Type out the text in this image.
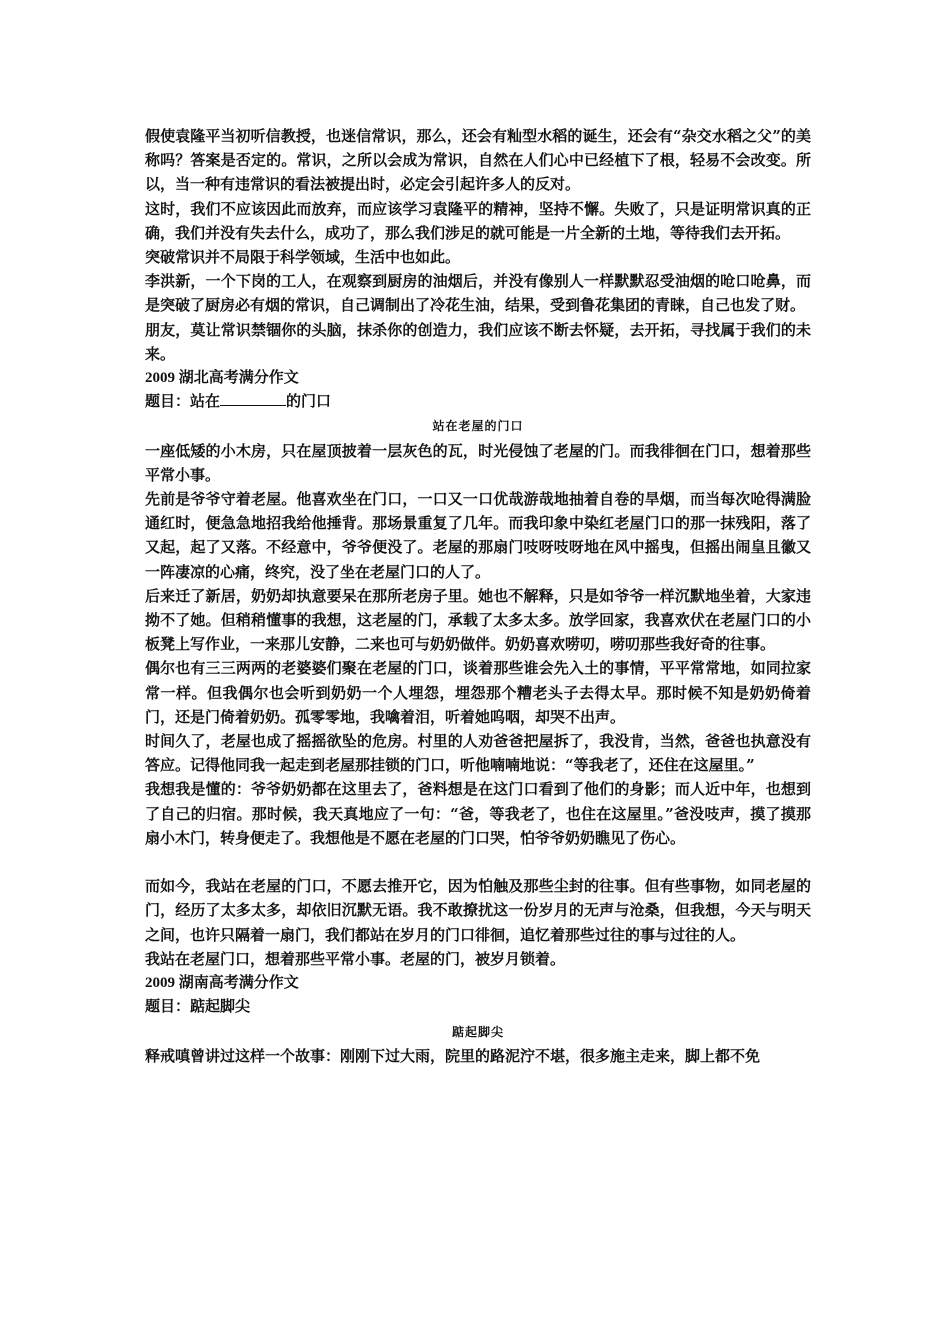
假使袁隆平当初听信教授，也迷信常识，那么，还会有籼型水稻的诞生，还会有“杂交水稻之父”的美称吗？答案是否定的。常识，之所以会成为常识，自然在人们心中已经植下了根，轻易不会改变。所以，当一种有违常识的看法被提出时，必定会引起许多人的反对。

这时，我们不应该因此而放弃，而应该学习袁隆平的精神，坚持不懈。失败了，只是证明常识真的正确，我们并没有失去什么，成功了，那么我们涉足的就可能是一片全新的土地，等待我们去开拓。

突破常识并不局限于科学领域，生活中也如此。

李洪新，一个下岗的工人，在观察到厨房的油烟后，并没有像别人一样默默忍受油烟的呛口呛鼻，而是突破了厨房必有烟的常识，自己调制出了冷花生油，结果，受到鲁花集团的青睐，自己也发了财。

朋友，莫让常识禁锢你的头脑，抹杀你的创造力，我们应该不断去怀疑，去开拓，寻找属于我们的未来。

2009 湖北高考满分作文

题目：站在	的门口

站在老屋的门口

一座低矮的小木房，只在屋顶披着一层灰色的瓦，时光侵蚀了老屋的门。而我徘徊在门口，想着那些平常小事。

先前是爷爷守着老屋。他喜欢坐在门口，一口又一口优哉游哉地抽着自卷的旱烟，而当每次呛得满脸通红时，便急急地招我给他捶背。那场景重复了几年。而我印象中染红老屋门口的那一抹残阳，落了又起，起了又落。不经意中，爷爷便没了。老屋的那扇门吱呀吱呀地在风中摇曳，但摇出闹皇且徽又一阵凄凉的心痛，终究，没了坐在老屋门口的人了。

后来迁了新居，奶奶却执意要呆在那所老房子里。她也不解释，只是如爷爷一样沉默地坐着，大家违拗不了她。但稍稍懂事的我想，这老屋的门，承载了太多太多。放学回家，我喜欢伏在老屋门口的小板凳上写作业，一来那儿安静，二来也可与奶奶做伴。奶奶喜欢唠叨，唠叨那些我好奇的往事。

偶尔也有三三两两的老婆婆们聚在老屋的门口，谈着那些谁会先入土的事情，平平常常地，如同拉家常一样。但我偶尔也会听到奶奶一个人埋怨，埋怨那个糟老头子去得太早。那时候不知是奶奶倚着门，还是门倚着奶奶。孤零零地，我噙着泪，听着她呜咽，却哭不出声。

时间久了，老屋也成了摇摇欲坠的危房。村里的人劝爸爸把屋拆了，我没肯，当然，爸爸也执意没有答应。记得他同我一起走到老屋那挂锁的门口，听他喃喃地说：“等我老了，还住在这屋里。”

我想我是懂的：爷爷奶奶都在这里去了，爸料想是在这门口看到了他们的身影；而人近中年，也想到了自己的归宿。那时候，我天真地应了一句：“爸，等我老了，也住在这屋里。”爸没吱声，摸了摸那扇小木门，转身便走了。我想他是不愿在老屋的门口哭，怕爷爷奶奶瞧见了伤心。

而如今，我站在老屋的门口，不愿去推开它，因为怕触及那些尘封的往事。但有些事物，如同老屋的门，经历了太多太多，却依旧沉默无语。我不敢撩扰这一份岁月的无声与沧桑，但我想，今天与明天之间，也许只隔着一扇门，我们都站在岁月的门口徘徊，追忆着那些过往的事与过往的人。

我站在老屋门口，想着那些平常小事。老屋的门，被岁月锁着。

2009 湖南高考满分作文

题目：踮起脚尖

踮起脚尖

释戒嗔曾讲过这样一个故事：刚刚下过大雨，院里的路泥泞不堪，很多施主走来，脚上都不免
